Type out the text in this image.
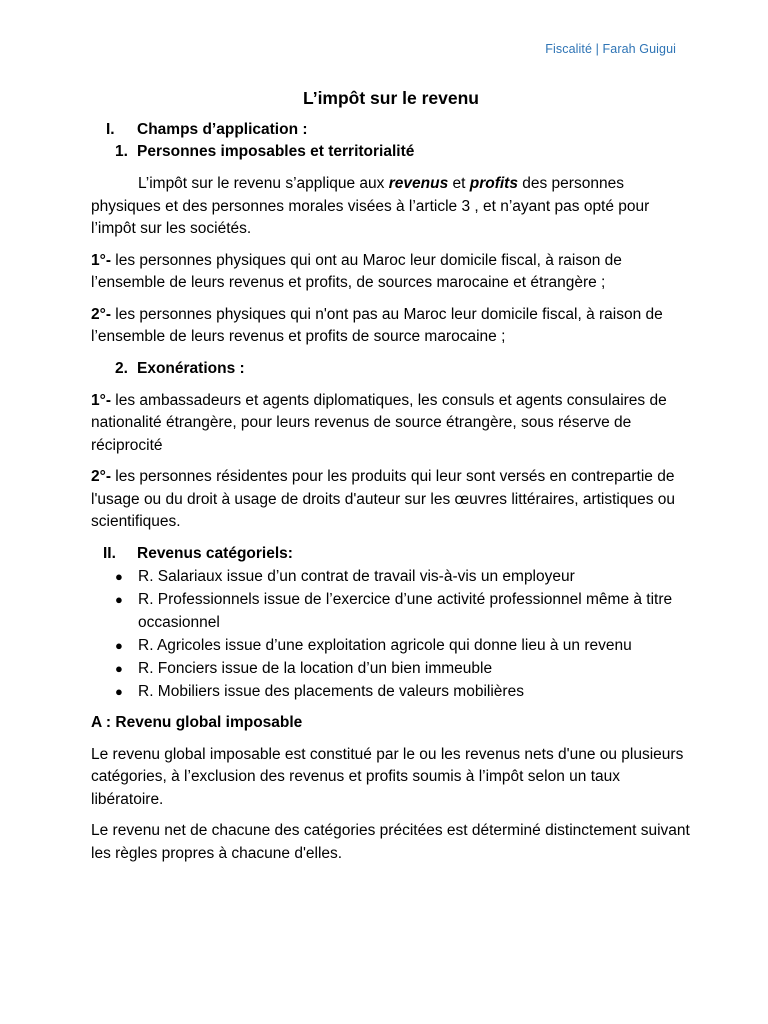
Fiscalité | Farah Guigui
L’impôt sur le revenu
I.	Champs d’application :
1. Personnes imposables et territorialité

L’impôt sur le revenu s’applique aux revenus et profits des personnes physiques et des personnes morales visées à l’article 3 , et n’ayant pas opté pour l’impôt sur les sociétés.

1°- les personnes physiques qui ont au Maroc leur domicile fiscal, à raison de l’ensemble de leurs revenus et profits, de sources marocaine et étrangère ;

2°- les personnes physiques qui n'ont pas au Maroc leur domicile fiscal, à raison de l’ensemble de leurs revenus et profits de source marocaine ;

2. Exonérations :

1°- les ambassadeurs et agents diplomatiques, les consuls et agents consulaires de nationalité étrangère, pour leurs revenus de source étrangère, sous réserve de réciprocité

2°- les personnes résidentes pour les produits qui leur sont versés en contrepartie de l'usage ou du droit à usage de droits d'auteur sur les œuvres littéraires, artistiques ou scientifiques.

II.	Revenus catégoriels:
● R. Salariaux issue d’un contrat de travail vis-à-vis un employeur
● R. Professionnels issue de l’exercice d’une activité professionnel même à titre occasionnel
● R. Agricoles issue d’une exploitation agricole qui donne lieu à un revenu
● R. Fonciers issue de la location d’un bien immeuble
● R. Mobiliers issue des placements de valeurs mobilières
A : Revenu global imposable

Le revenu global imposable est constitué par le ou les revenus nets d'une ou plusieurs catégories, à l’exclusion des revenus et profits soumis à l’impôt selon un taux libératoire.

Le revenu net de chacune des catégories précitées est déterminé distinctement suivant les règles propres à chacune d'elles.
